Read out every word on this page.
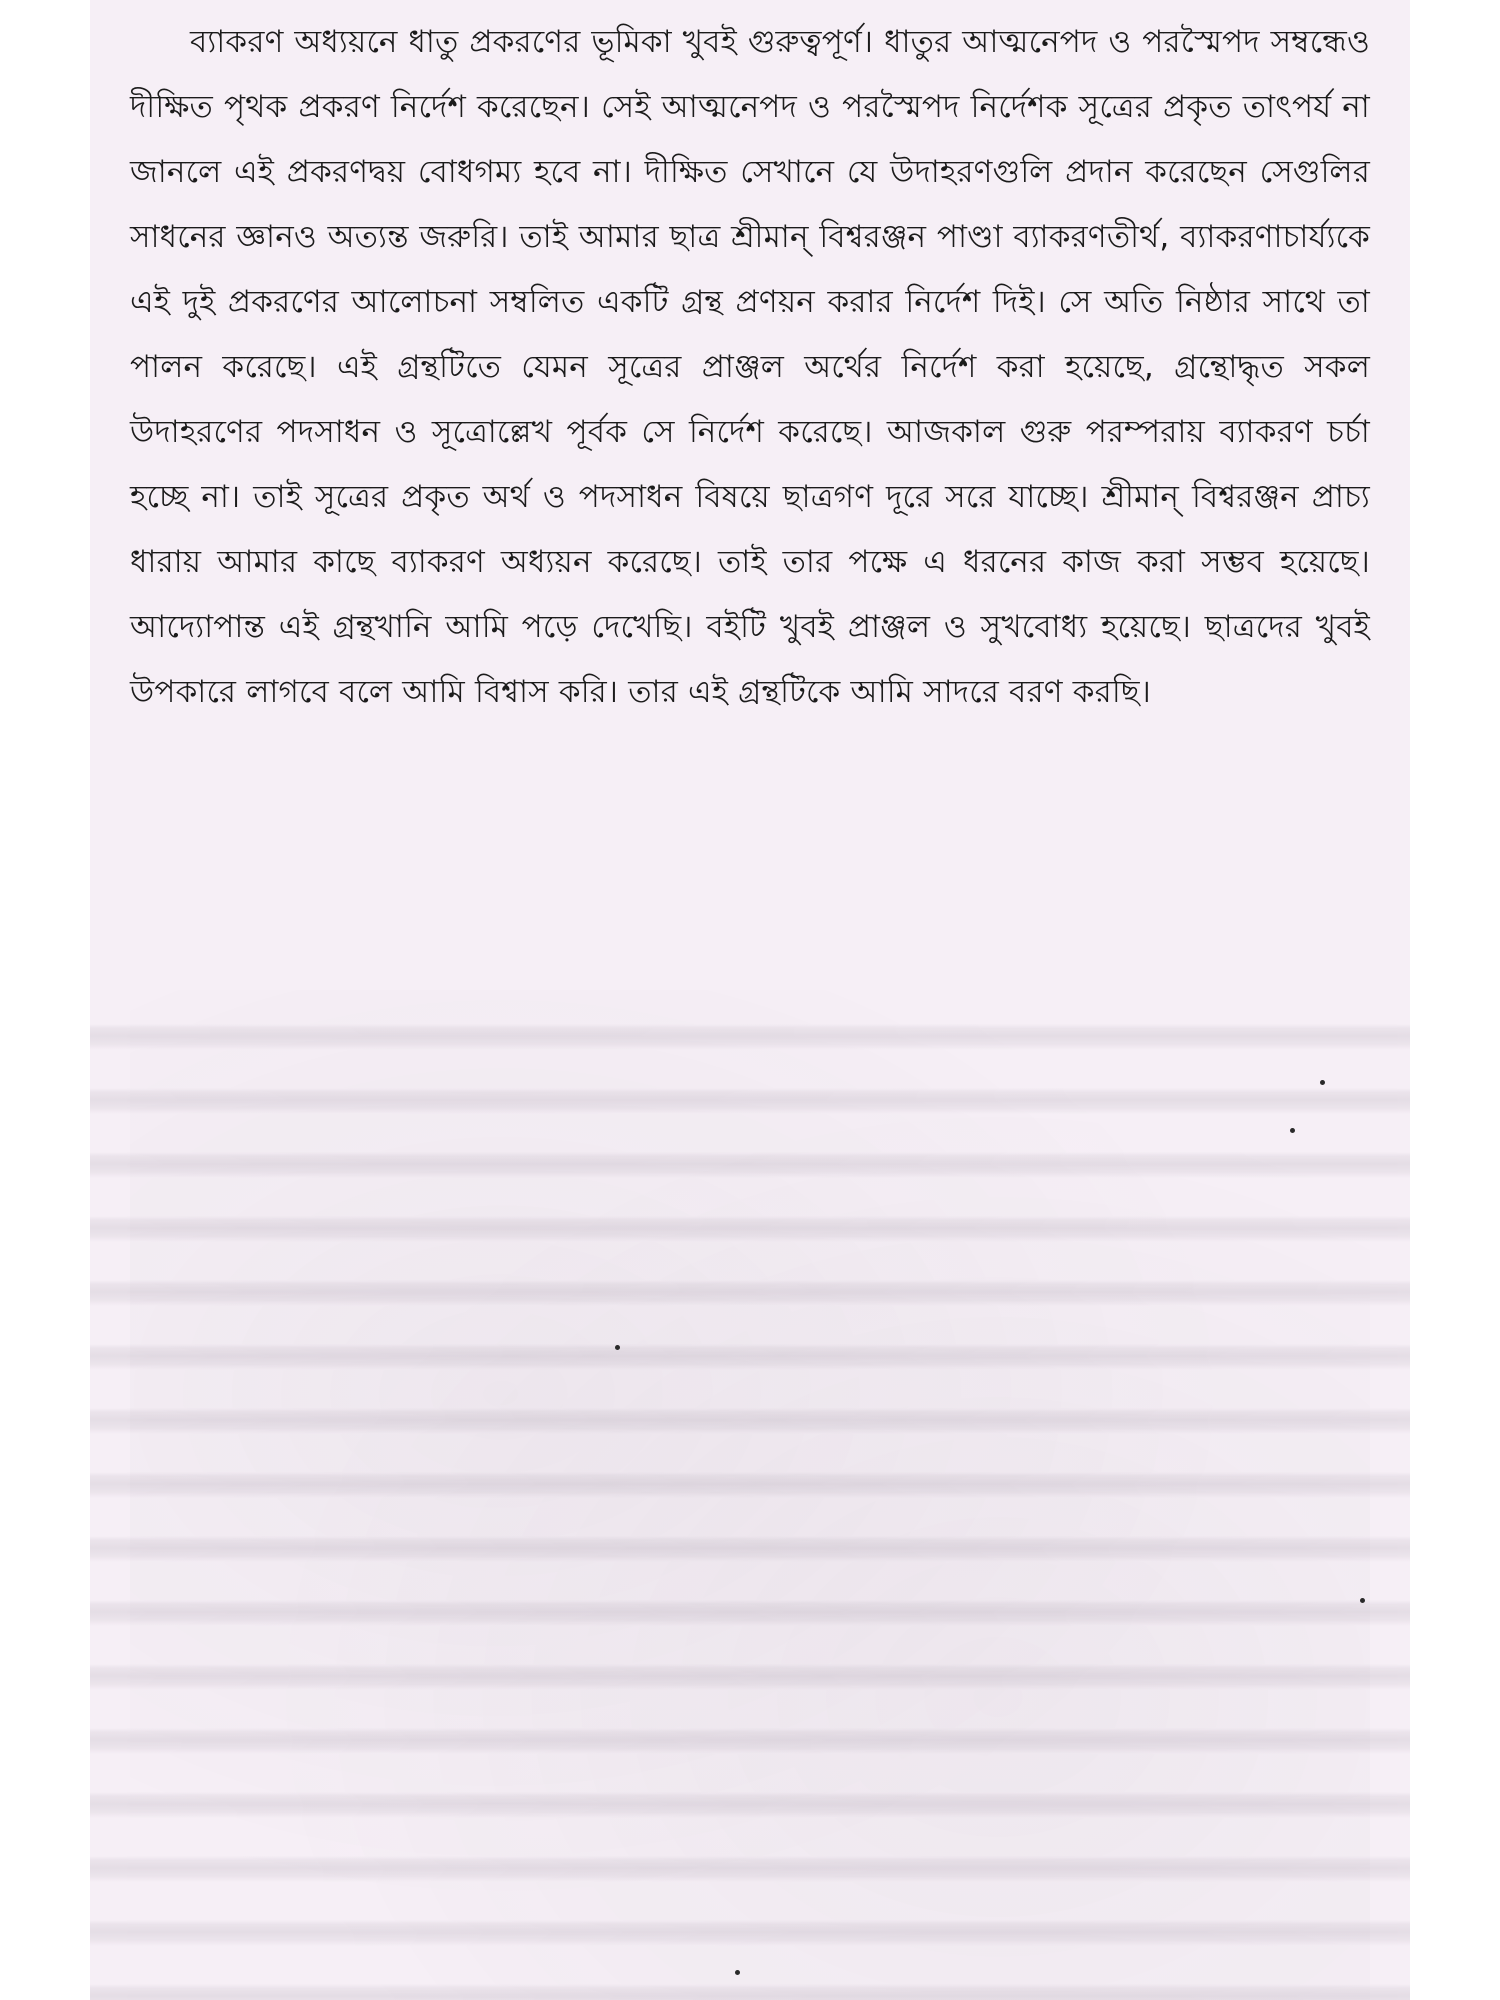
ব্যাকরণ অধ্যয়নে ধাতু প্রকরণের ভূমিকা খুবই গুরুত্বপূর্ণ। ধাতুর আত্মনেপদ ও পরস্মৈপদ সম্বন্ধেও দীক্ষিত পৃথক প্রকরণ নির্দেশ করেছেন। সেই আত্মনেপদ ও পরস্মৈপদ নির্দেশক সূত্রের প্রকৃত তাৎপর্য না জানলে এই প্রকরণদ্বয় বোধগম্য হবে না। দীক্ষিত সেখানে যে উদাহরণগুলি প্রদান করেছেন সেগুলির সাধনের জ্ঞানও অত্যন্ত জরুরি। তাই আমার ছাত্র শ্রীমান্ বিশ্বরঞ্জন পাণ্ডা ব্যাকরণতীর্থ, ব্যাকরণাচার্য্যকে এই দুই প্রকরণের আলোচনা সম্বলিত একটি গ্রন্থ প্রণয়ন করার নির্দেশ দিই। সে অতি নিষ্ঠার সাথে তা পালন করেছে। এই গ্রন্থটিতে যেমন সূত্রের প্রাঞ্জল অর্থের নির্দেশ করা হয়েছে, গ্রন্থোদ্ধৃত সকল উদাহরণের পদসাধন ও সূত্রোল্লেখ পূর্বক সে নির্দেশ করেছে। আজকাল গুরু পরম্পরায় ব্যাকরণ চর্চা হচ্ছে না। তাই সূত্রের প্রকৃত অর্থ ও পদসাধন বিষয়ে ছাত্রগণ দূরে সরে যাচ্ছে। শ্রীমান্ বিশ্বরঞ্জন প্রাচ্য ধারায় আমার কাছে ব্যাকরণ অধ্যয়ন করেছে। তাই তার পক্ষে এ ধরনের কাজ করা সম্ভব হয়েছে। আদ্যোপান্ত এই গ্রন্থখানি আমি পড়ে দেখেছি। বইটি খুবই প্রাঞ্জল ও সুখবোধ্য হয়েছে। ছাত্রদের খুবই উপকারে লাগবে বলে আমি বিশ্বাস করি। তার এই গ্রন্থটিকে আমি সাদরে বরণ করছি।
